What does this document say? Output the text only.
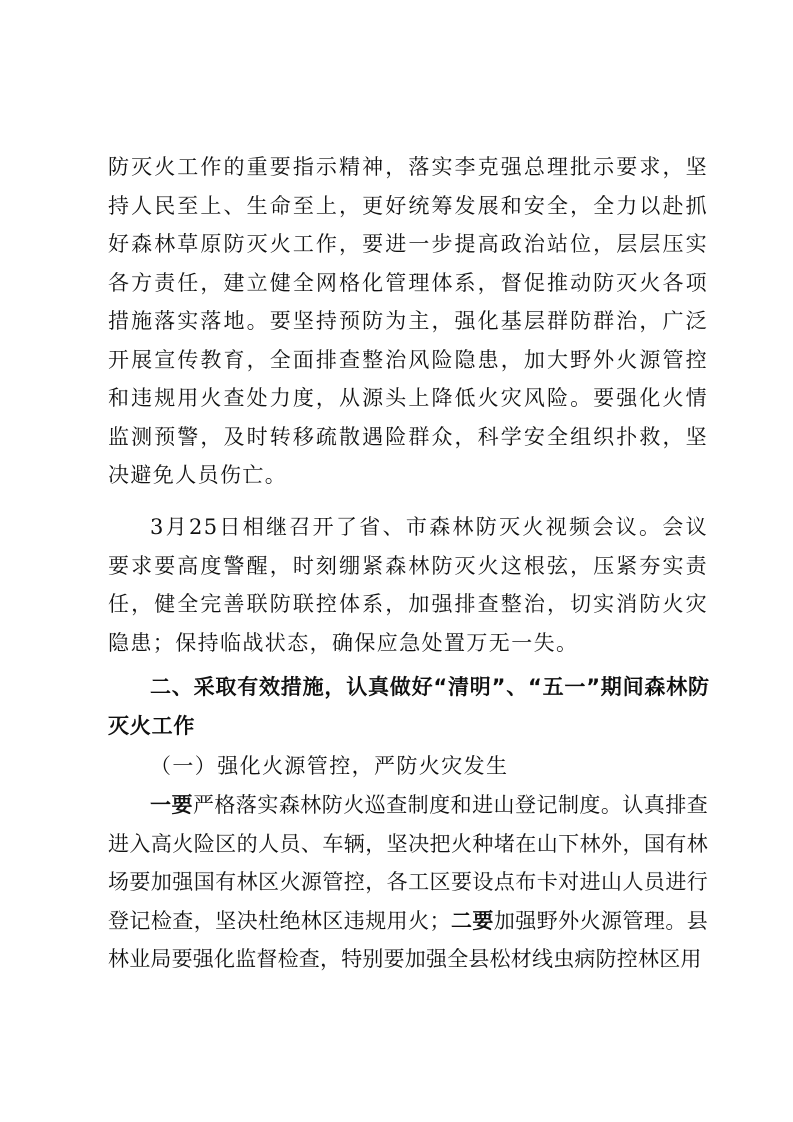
防灭火工作的重要指示精神，落实李克强总理批示要求，坚持人民至上、生命至上，更好统筹发展和安全，全力以赴抓好森林草原防灭火工作，要进一步提高政治站位，层层压实各方责任，建立健全网格化管理体系，督促推动防灭火各项措施落实落地。要坚持预防为主，强化基层群防群治，广泛开展宣传教育，全面排查整治风险隐患，加大野外火源管控和违规用火查处力度，从源头上降低火灾风险。要强化火情监测预警，及时转移疏散遇险群众，科学安全组织扑救，坚决避免人员伤亡。

3月25日相继召开了省、市森林防灭火视频会议。会议要求要高度警醒，时刻绷紧森林防灭火这根弦，压紧夯实责任，健全完善联防联控体系，加强排查整治，切实消防火灾隐患；保持临战状态，确保应急处置万无一失。

二、采取有效措施，认真做好“清明”、“五一”期间森林防灭火工作

（一）强化火源管控，严防火灾发生

一要严格落实森林防火巡查制度和进山登记制度。认真排查进入高火险区的人员、车辆，坚决把火种堵在山下林外，国有林场要加强国有林区火源管控，各工区要设点布卡对进山人员进行登记检查，坚决杜绝林区违规用火；二要加强野外火源管理。县林业局要强化监督检查，特别要加强全县松材线虫病防控林区用
